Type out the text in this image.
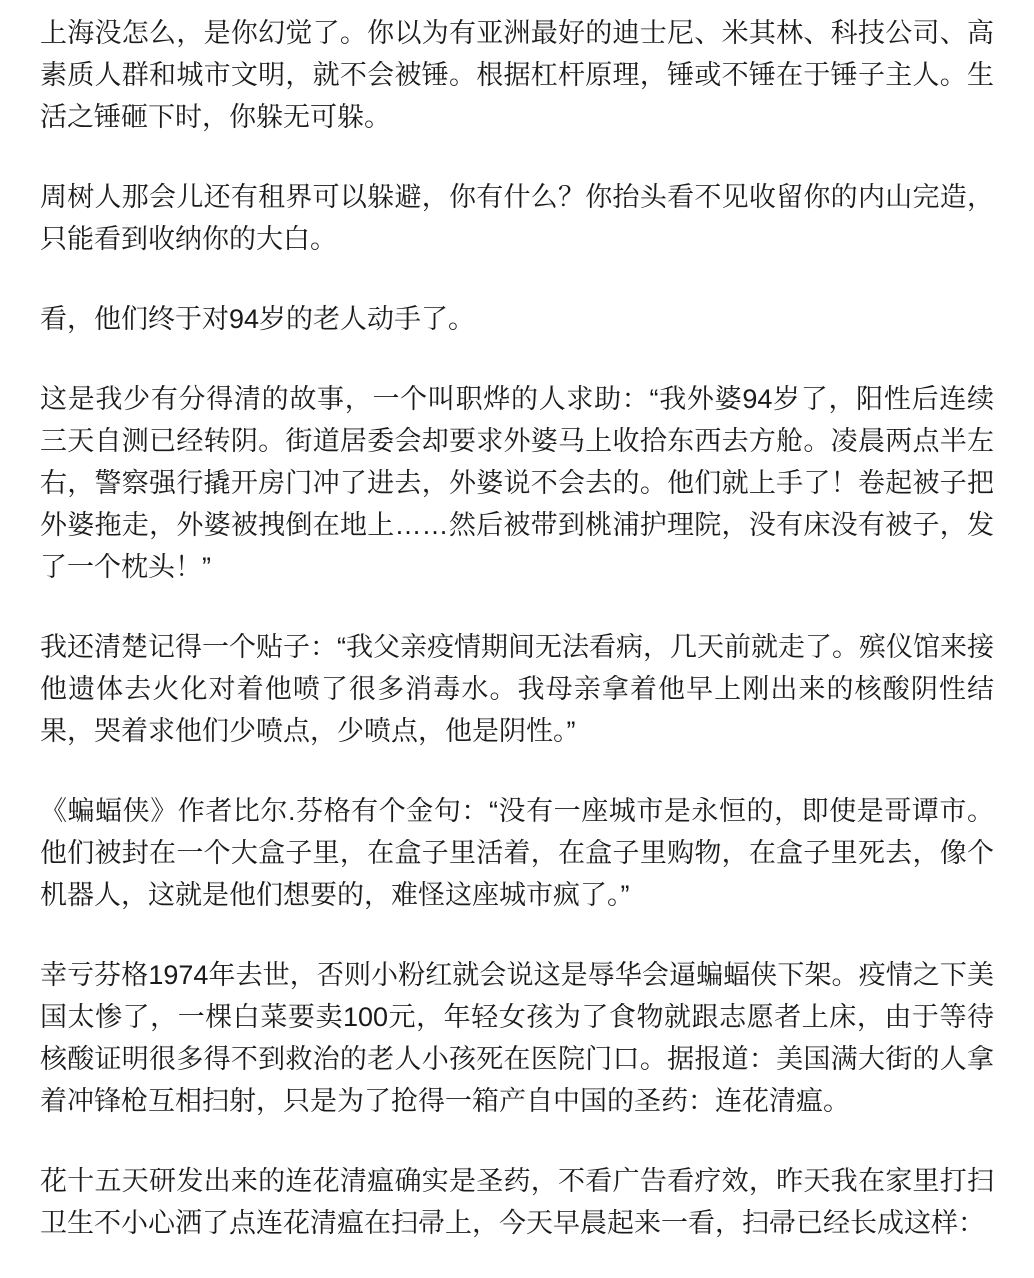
上海没怎么，是你幻觉了。你以为有亚洲最好的迪士尼、米其林、科技公司、高素质人群和城市文明，就不会被锤。根据杠杆原理，锤或不锤在于锤子主人。生活之锤砸下时，你躲无可躲。

周树人那会儿还有租界可以躲避，你有什么？你抬头看不见收留你的内山完造，只能看到收纳你的大白。

看，他们终于对94岁的老人动手了。

这是我少有分得清的故事，一个叫职烨的人求助：“我外婆94岁了，阳性后连续三天自测已经转阴。街道居委会却要求外婆马上收拾东西去方舱。凌晨两点半左右，警察强行撬开房门冲了进去，外婆说不会去的。他们就上手了！卷起被子把外婆拖走，外婆被拽倒在地上……然后被带到桃浦护理院，没有床没有被子，发了一个枕头！”

我还清楚记得一个贴子：“我父亲疫情期间无法看病，几天前就走了。殡仪馆来接他遗体去火化对着他喷了很多消毒水。我母亲拿着他早上刚出来的核酸阴性结果，哭着求他们少喷点，少喷点，他是阴性。”

《蝙蝠侠》作者比尔.芬格有个金句：“没有一座城市是永恒的，即使是哥谭市。他们被封在一个大盒子里，在盒子里活着，在盒子里购物，在盒子里死去，像个机器人，这就是他们想要的，难怪这座城市疯了。”

幸亏芬格1974年去世，否则小粉红就会说这是辱华会逼蝙蝠侠下架。疫情之下美国太惨了，一棵白菜要卖100元，年轻女孩为了食物就跟志愿者上床，由于等待核酸证明很多得不到救治的老人小孩死在医院门口。据报道：美国满大街的人拿着冲锋枪互相扫射，只是为了抢得一箱产自中国的圣药：连花清瘟。

花十五天研发出来的连花清瘟确实是圣药，不看广告看疗效，昨天我在家里打扫卫生不小心洒了点连花清瘟在扫帚上，今天早晨起来一看，扫帚已经长成这样：
